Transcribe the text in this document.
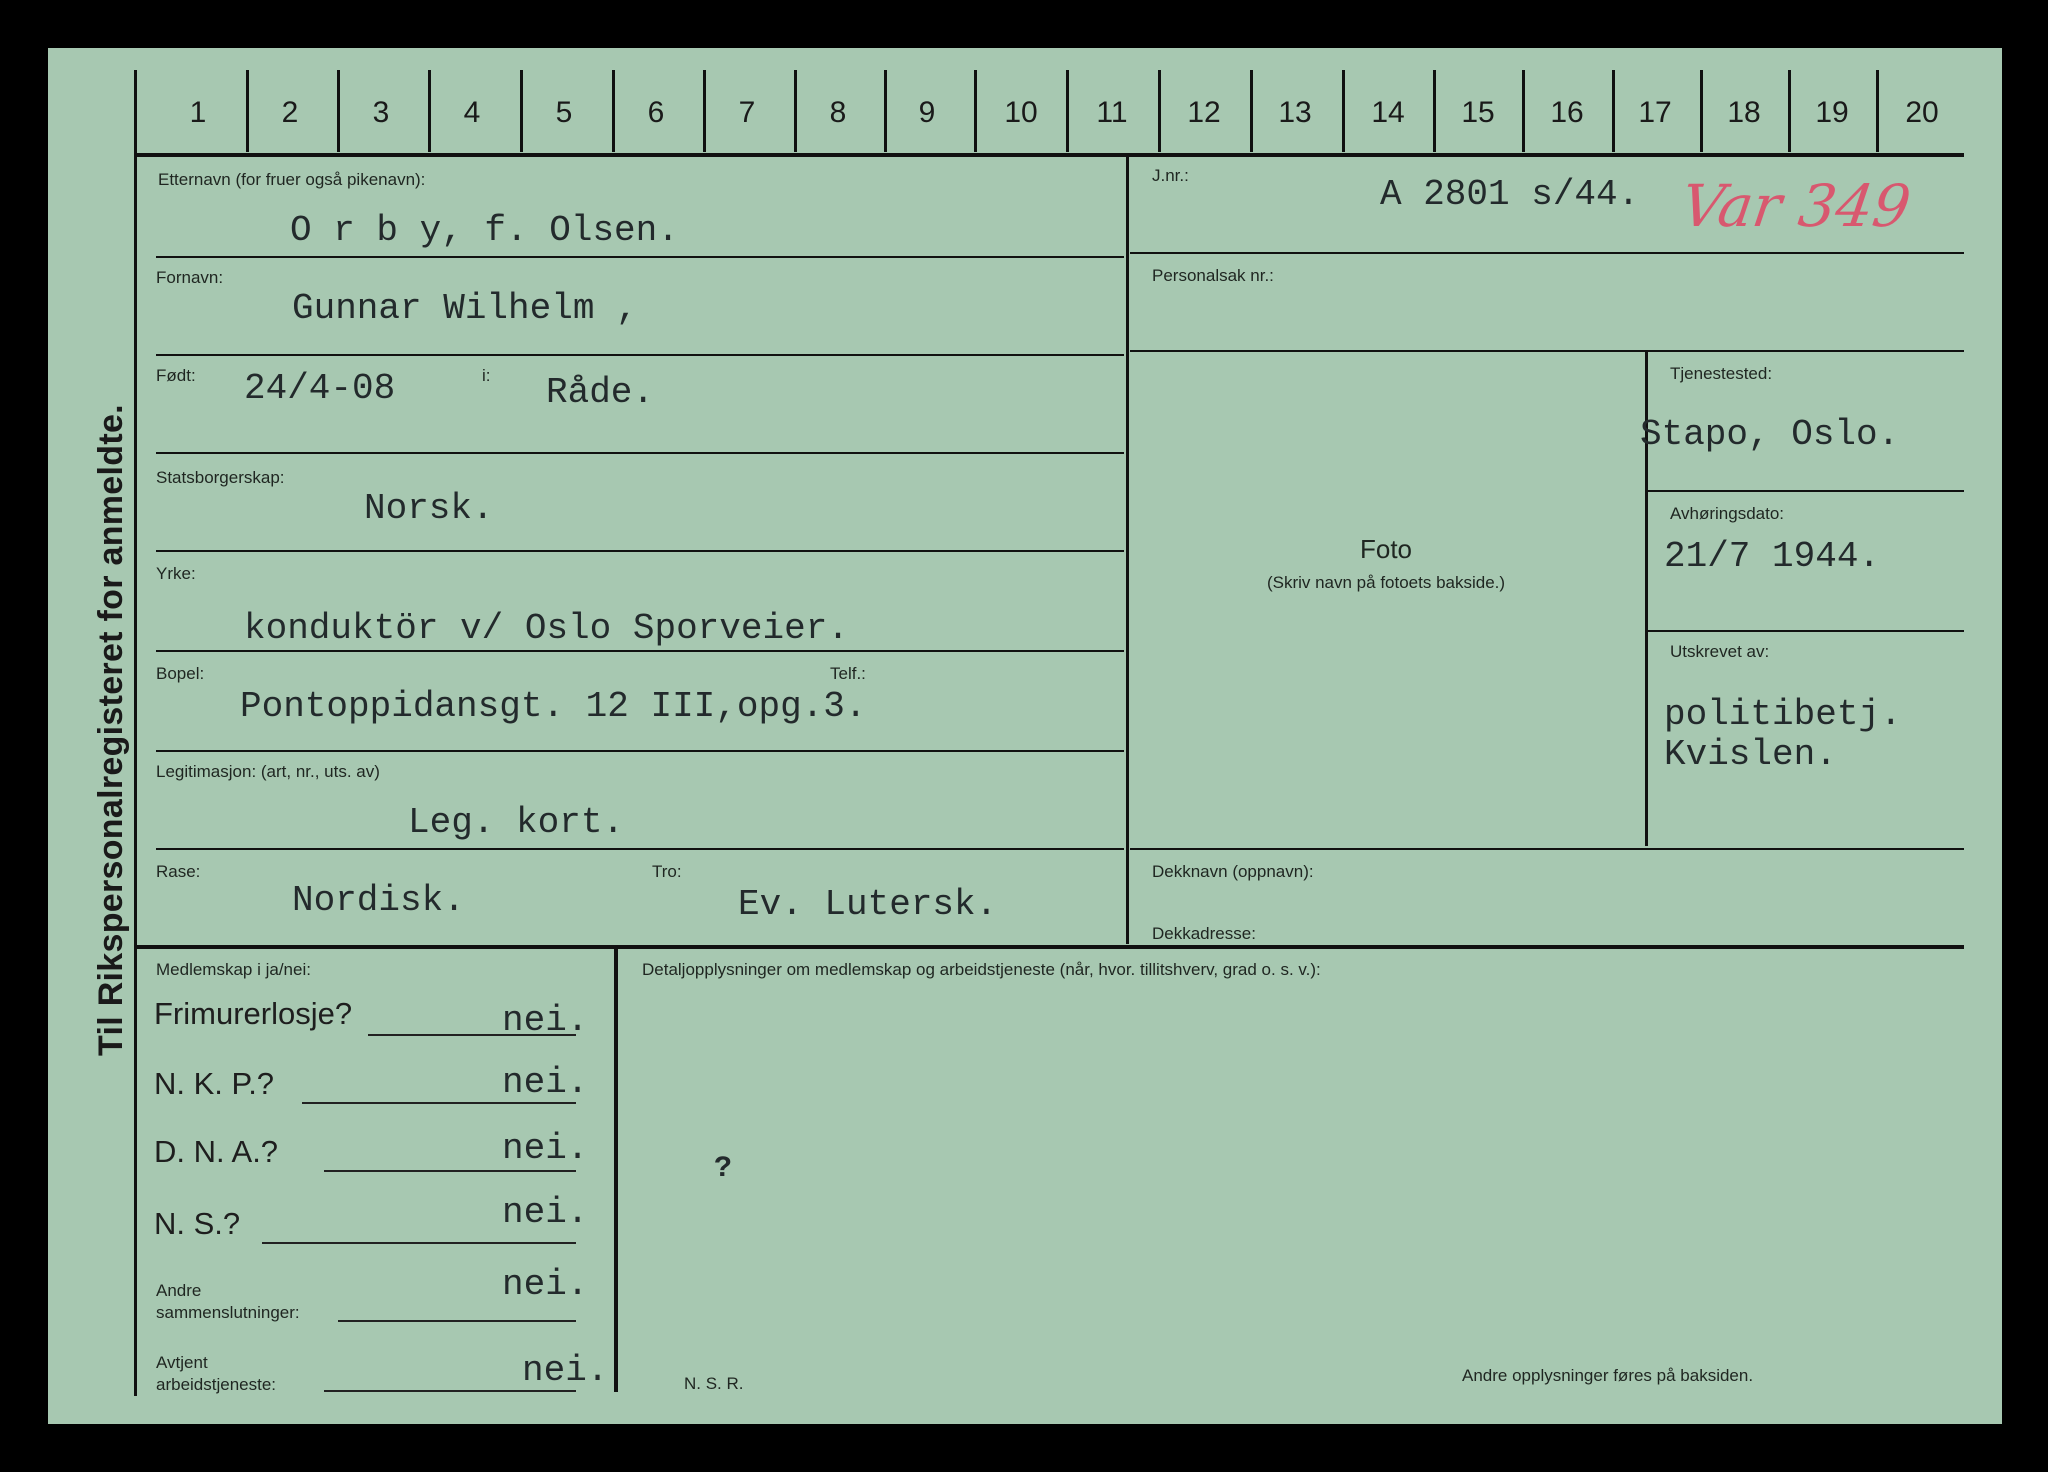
Til Rikspersonalregisteret for anmeldte.
1	2	3	4	5	6	7	8	9	10	11	12	13	14	15	16	17	18	19	20
Etternavn (for fruer også pikenavn):
O r b y, f. Olsen.
J.nr.:	A 2801 s/44. Var 349
Fornavn:
Gunnar Wilhelm ,
Personalsak nr.:
Født: 24/4-08	i: Råde.	Tjenestested:
Stapo, Oslo.
Statsborgerskap:
Norsk.	Avhøringsdato:
21/7 1944.
Foto
(Skriv navn på fotoets bakside.)
Yrke:
konduktör v/ Oslo Sporveier.
Utskrevet av:
politibetj.
Kvislen.
Bopel:	Telf.:
Pontoppidansgt. 12 III,opg.3.
Legitimasjon: (art, nr., uts. av)
Leg. kort.
Rase:
Nordisk.
Tro:
Ev. Lutersk.
Dekknavn (oppnavn):
Dekkadresse:
Medlemskap i ja/nei:
Frimurerlosje?	nei.
N. K. P.?	nei.
D. N. A.?	nei.
N. S.?	nei.
Andre
sammenslutninger:
nei.
Avtjent
arbeidstjeneste:	nei.
Detaljopplysninger om medlemskap og arbeidstjeneste (når, hvor. tillitshverv, grad o. s. v.):
?
N. S. R.	Andre opplysninger føres på baksiden.
